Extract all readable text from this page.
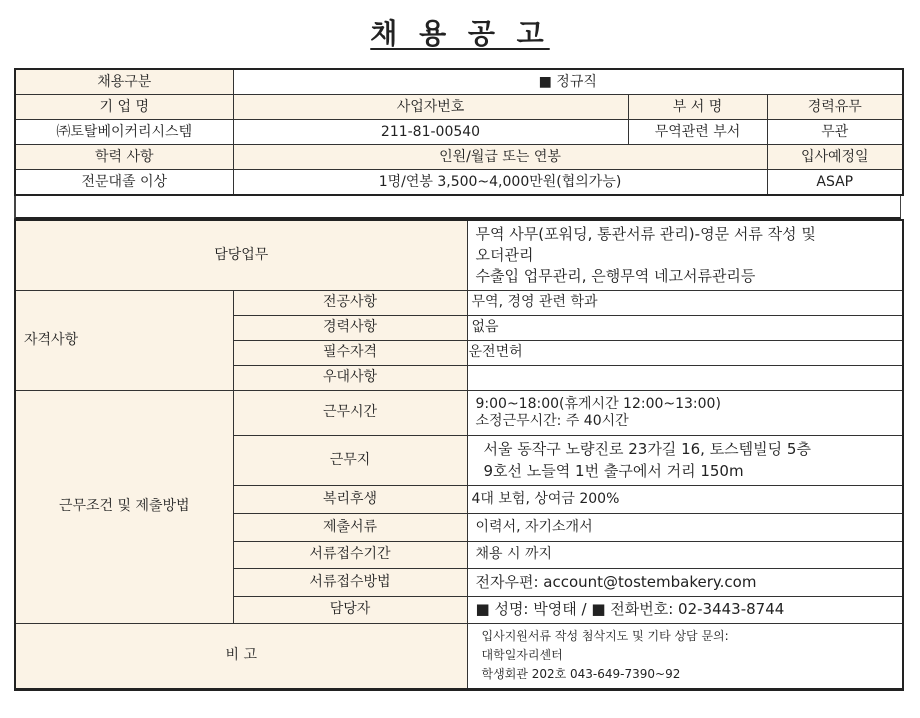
채 용 공 고
채용구분	■ 정규직		
기 업 명	사업자번호	부 서 명	경력유무
㈜토탈베이커리시스템	211-81-00540	무역관련 부서	무관
학력 사항	인원/월급 또는 연봉		입사예정일
전문대졸 이상	1명/연봉 3,500~4,000만원(협의가능)		ASAP
담당업무		무역 사무(포워딩, 통관서류 관리)-영문 서류 작성 및
오더관리
수출입 업무관리, 은행무역 네고서류관리등

자격사항	전공사항	무역, 경영 관련 학과
	경력사항	없음
	필수자격	운전면허
	우대사항	
근무조건 및 제출방법	근무시간	9:00~18:00(휴게시간 12:00~13:00)
소정근무시간: 주 40시간

	근무지	서울 동작구 노량진로 23가길 16, 토스템빌딩 5층
9호선 노들역 1번 출구에서 거리 150m

	복리후생	4대 보험, 상여금 200%
	제출서류	이력서, 자기소개서
	서류접수기간	채용 시 까지
	서류접수방법	전자우편: account@tostembakery.com
	담당자	■ 성명: 박영태 / ■ 전화번호: 02-3443-8744
비 고		입사지원서류 작성 첨삭지도 및 기타 상담 문의:
대학일자리센터
학생회관 202호 043-649-7390~92
